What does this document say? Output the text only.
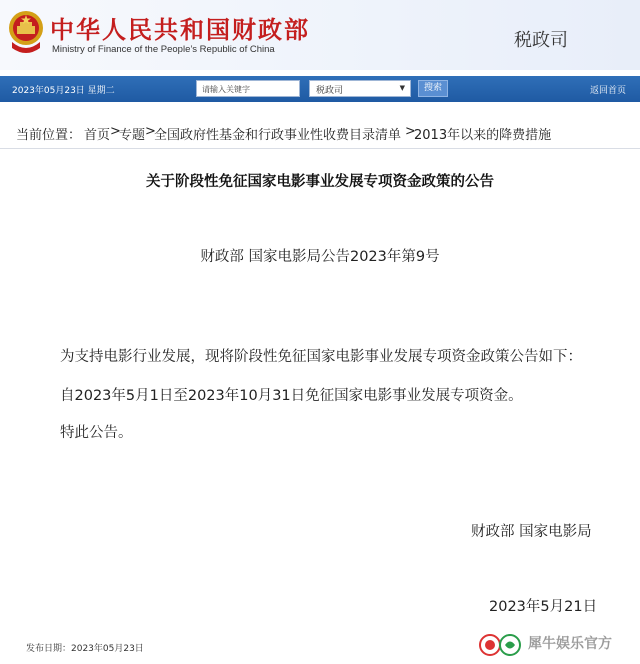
中华人民共和国财政部
Ministry of Finance of the People’s Republic of China	税政司
2023年05月23日 星期二	请输入关键字	税政司	▼	搜索	返回首页
当前位置： 首页 >
专题 >
全国政府性基金和行政事业性收费目录清单 >
2013年以来的降费措施
关于阶段性免征国家电影事业发展专项资金政策的公告
财政部 国家电影局公告2023年第9号
为支持电影行业发展，现将阶段性免征国家电影事业发展专项资金政策公告如下：
自2023年5月1日至2023年10月31日免征国家电影事业发展专项资金。
特此公告。
财政部 国家电影局
2023年5月21日
发布日期：2023年05月23日	犀牛娱乐官方
